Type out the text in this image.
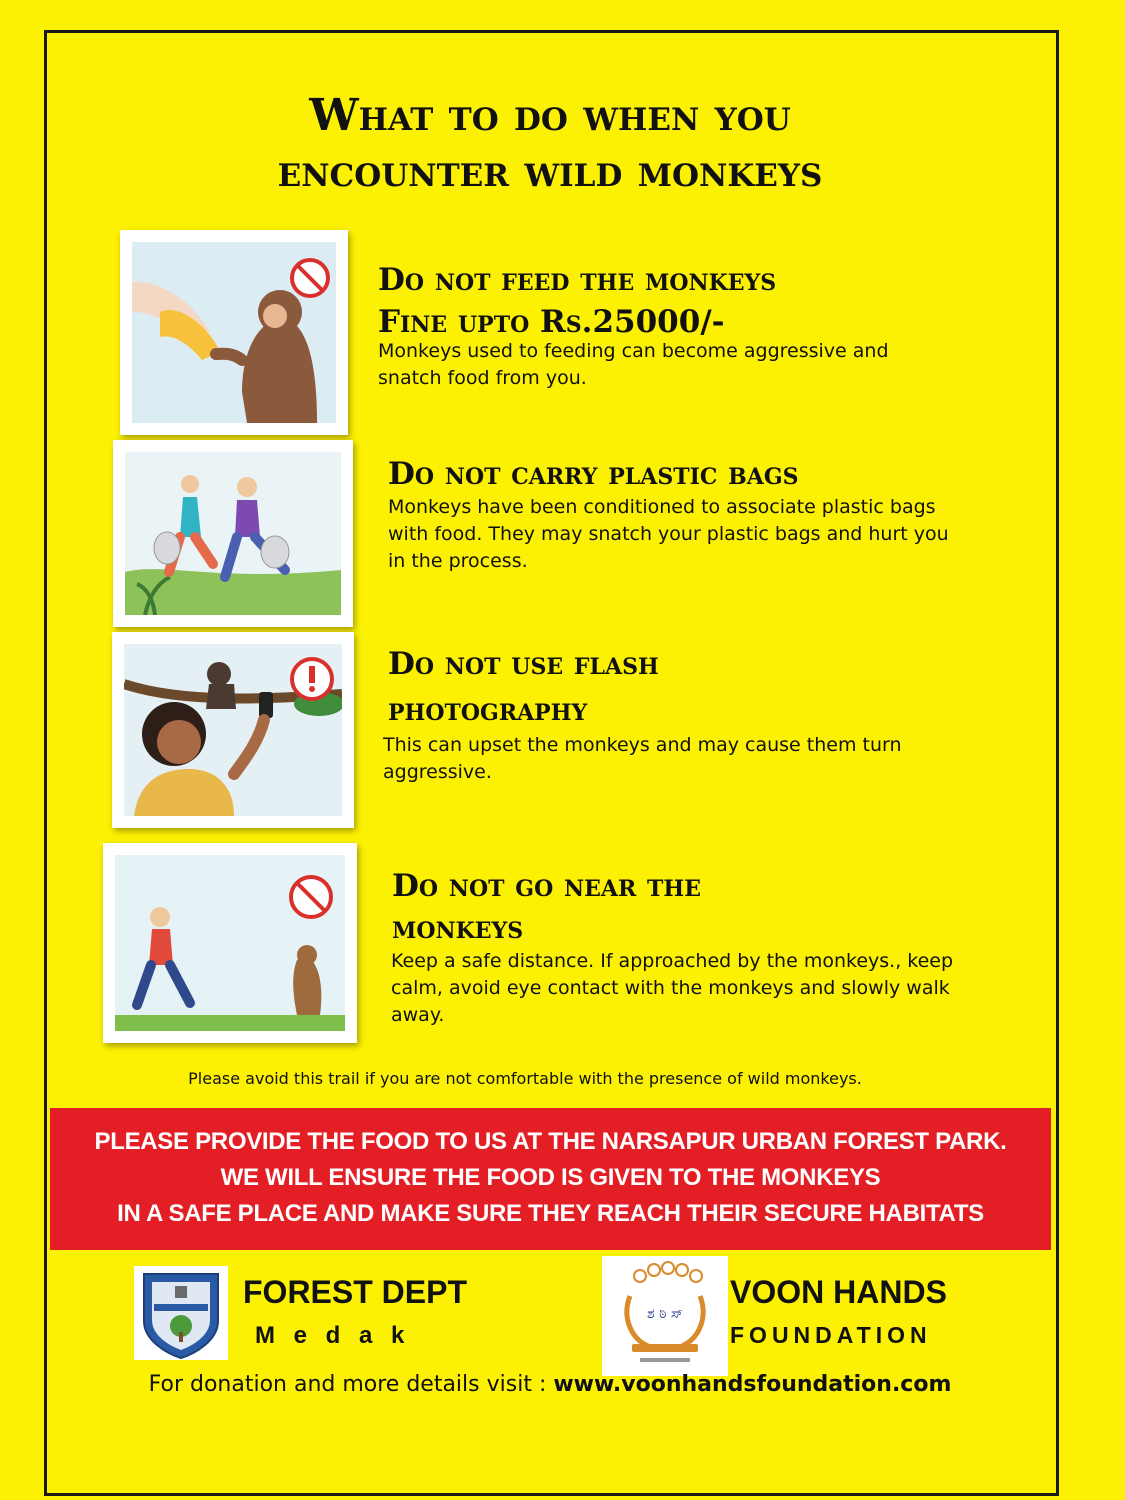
What to do when you
encounter wild monkeys
Do not feed the monkeys
Fine upto Rs.25000/-
Monkeys used to feeding can become aggressive and snatch food from you.
Do not carry plastic bags
Monkeys have been conditioned to associate plastic bags with food. They may snatch your plastic bags and hurt you in the process.
Do not use flash
photography
This can upset the monkeys and may cause them turn aggressive.
Do not go near the
monkeys
Keep a safe distance. If approached by the monkeys., keep calm, avoid eye contact with the monkeys and slowly walk away.
Please avoid this trail if you are not comfortable with the presence of wild monkeys.
PLEASE PROVIDE THE FOOD TO US AT THE NARSAPUR URBAN FOREST PARK.
WE WILL ENSURE THE FOOD IS GIVEN TO THE MONKEYS
IN A SAFE PLACE AND MAKE SURE THEY REACH THEIR SECURE HABITATS
FOREST DEPT
M e d a k
ಶ ಠಿ ಸ್
VOON HANDS
FOUNDATION
For donation and more details visit : www.voonhandsfoundation.com
